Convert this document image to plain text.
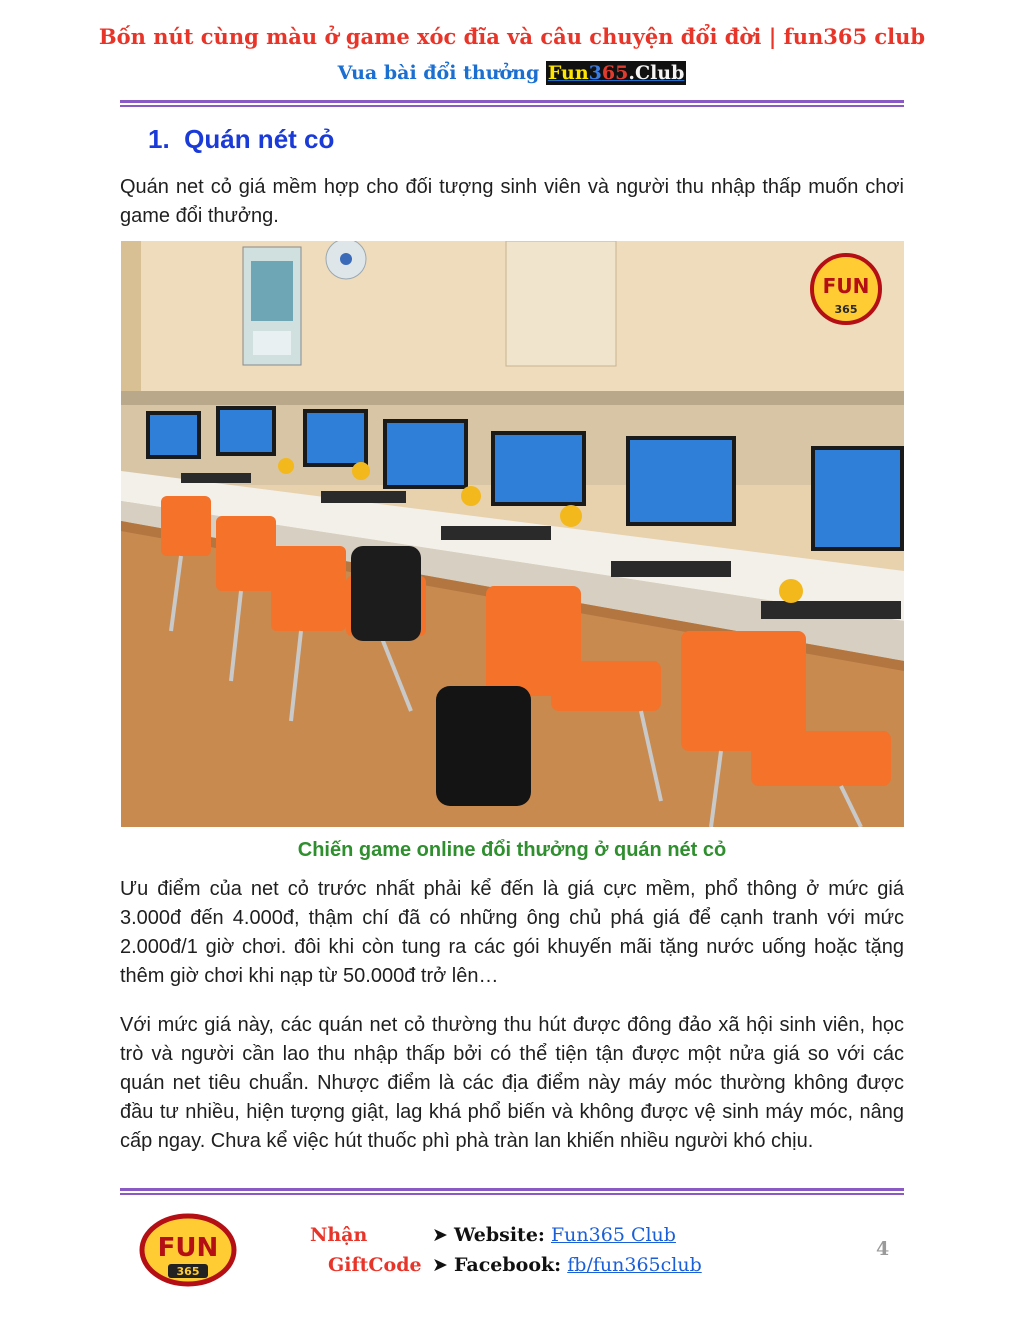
Bốn nút cùng màu ở game xóc đĩa và câu chuyện đổi đời | fun365 club
Vua bài đổi thưởng Fun365.Club
1. Quán nét cỏ
Quán net cỏ giá mềm hợp cho đối tượng sinh viên và người thu nhập thấp muốn chơi game đổi thưởng.
FUN
365
Chiến game online đổi thưởng ở quán nét cỏ
Ưu điểm của net cỏ trước nhất phải kể đến là giá cực mềm, phổ thông ở mức giá 3.000đ đến 4.000đ, thậm chí đã có những ông chủ phá giá để cạnh tranh với mức 2.000đ/1 giờ chơi. đôi khi còn tung ra các gói khuyến mãi tặng nước uống hoặc tặng thêm giờ chơi khi nạp từ 50.000đ trở lên…
Với mức giá này, các quán net cỏ thường thu hút được đông đảo xã hội sinh viên, học trò và người cần lao thu nhập thấp bởi có thể tiện tận được một nửa giá so với các quán net tiêu chuẩn. Nhược điểm là các địa điểm này máy móc thường không được đầu tư nhiều, hiện tượng giật, lag khá phổ biến và không được vệ sinh máy móc, nâng cấp ngay. Chưa kể việc hút thuốc phì phà tràn lan khiến nhiều người khó chịu.
FUN
365
Nhận
GiftCode
➤ Website: Fun365 Club
➤ Facebook: fb/fun365club
4
